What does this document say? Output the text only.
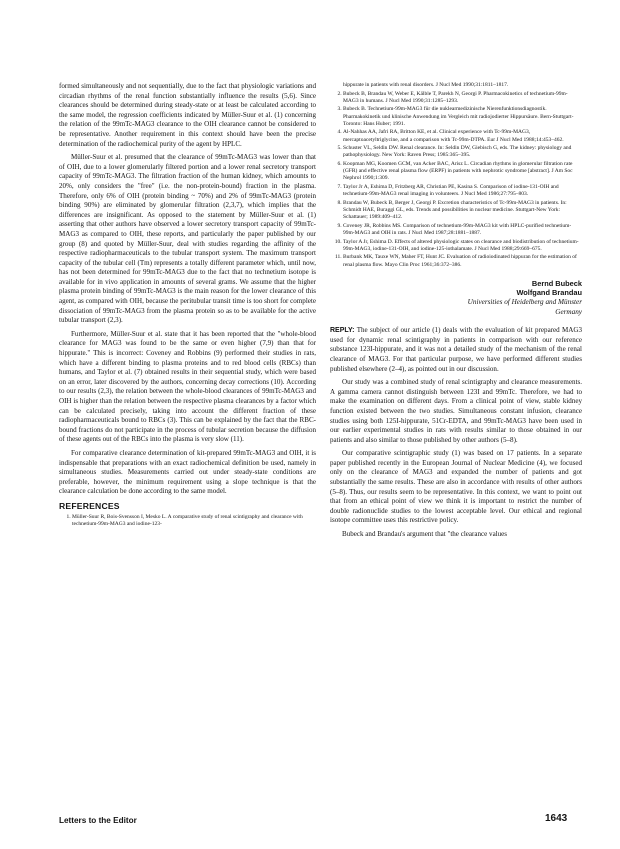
formed simultaneously and not sequentially, due to the fact that physiologic variations and circadian rhythms of the renal function substantially influence the results (5,6). Since clearances should be determined during steady-state or at least be calculated according to the same model, the regression coefficients indicated by Müller-Suur et al. (1) concerning the relation of the 99mTc-MAG3 clearance to the OIH clearance cannot be considered to be representative. Another requirement in this context should have been the precise determination of the radiochemical purity of the agent by HPLC.

Müller-Suur et al. presumed that the clearance of 99mTc-MAG3 was lower than that of OIH, due to a lower glomerularly filtered portion and a lower renal secretory transport capacity of 99mTc-MAG3. The filtration fraction of the human kidney, which amounts to 20%, only considers the "free" (i.e. the non-protein-bound) fraction in the plasma. Therefore, only 6% of OIH (protein binding ~ 70%) and 2% of 99mTc-MAG3 (protein binding 90%) are eliminated by glomerular filtration (2,3,7), which implies that the differences are insignificant. As opposed to the statement by Müller-Suur et al. (1) asserting that other authors have observed a lower secretory transport capacity of 99mTc-MAG3 as compared to OIH, these reports, and particularly the paper published by our group (8) and quoted by Müller-Suur, deal with studies regarding the affinity of the respective radiopharmaceuticals to the tubular transport system. The maximum transport capacity of the tubular cell (Tm) represents a totally different parameter which, until now, has not been determined for 99mTc-MAG3 due to the fact that no technetium isotope is available for in vivo application in amounts of several grams. We assume that the higher plasma protein binding of 99mTc-MAG3 is the main reason for the lower clearance of this agent, as compared with OIH, because the peritubular transit time is too short for complete dissociation of 99mTc-MAG3 from the plasma protein so as to be available for the active tubular transport (2,3).

Furthermore, Müller-Suur et al. state that it has been reported that the "whole-blood clearance for MAG3 was found to be the same or even higher (7,9) than that for hippurate." This is incorrect: Coveney and Robbins (9) performed their studies in rats, which have a different binding to plasma proteins and to red blood cells (RBCs) than humans, and Taylor et al. (7) obtained results in their sequential study, which were based on an error, later discovered by the authors, concerning decay corrections (10). According to our results (2,3), the relation between the whole-blood clearances of 99mTc-MAG3 and OIH is higher than the relation between the respective plasma clearances by a factor which can be calculated precisely, taking into account the different fraction of these radiopharmaceuticals bound to RBCs (3). This can be explained by the fact that the RBC-bound fractions do not participate in the process of tubular secretion because the diffusion of these agents out of the RBCs into the plasma is very slow (11).

For comparative clearance determination of kit-prepared 99mTc-MAG3 and OIH, it is indispensable that preparations with an exact radiochemical definition be used, namely in simultaneous studies. Measurements carried out under steady-state conditions are preferable, however, the minimum requirement using a slope technique is that the clearance calculation be done according to the same model.

REFERENCES
1. Müller-Suur R, Bois-Svensson I, Mesko L. A comparative study of renal scintigraphy and clearance with technetium-99m-MAG3 and iodine-123-
hippurate in patients with renal disorders. J Nucl Med 1990;31:1811–1817.
2. Bubeck B, Brandau W, Weber E, Kälble T, Parekh N, Georgi P. Pharmacokinetics of technetium-99m-MAG3 in humans. J Nucl Med 1990;31:1285–1293.
3. Bubeck B. Technetium-99m-MAG3 für die nuklearmedizinische Nierenfunktionsdiagnostik. Pharmakokinetik und klinische Anwendung im Vergleich mit radiojodierter Hippursäure. Bern-Stuttgart-Toronto: Hans Huber; 1991.
4. Al-Nahhas AA, Jafri RA, Britton KE, et al. Clinical experience with Tc-99m-MAG3, mercaptoacetyltriglycine, and a comparison with Tc-99m-DTPA. Eur J Nucl Med 1988;14:453–462.
5. Schuster VL, Seldin DW. Renal clearance. In: Seldin DW, Giebisch G, eds. The kidney: physiology and pathophysiology. New York: Raven Press; 1985:365–395.
6. Koopman MG, Koomen GCM, van Acker BAC, Arisz L. Circadian rhythms in glomerular filtration rate (GFR) and effective renal plasma flow (ERPF) in patients with nephrotic syndrome [abstract]. J Am Soc Nephrol 1990;1:309.
7. Taylor Jr A, Eshima D, Fritzberg AR, Christian PE, Kasina S. Comparison of iodine-131-OIH and technetium-99m-MAG3 renal imaging in volunteers. J Nucl Med 1986;27:795–803.
8. Brandau W, Bubeck B, Berger J, Georgi P. Excretion characteristics of Tc-99m-MAG3 in patients. In: Schmidt HAE, Buraggi GL, eds. Trends and possibilities in nuclear medicine. Stuttgart-New York: Schattauer; 1989:409–412.
9. Coveney JR, Robbins MS. Comparison of technetium-99m-MAG3 kit with HPLC-purified technetium-99m-MAG3 and OIH in rats. J Nucl Med 1987;28:1881–1887.
10. Taylor A Jr, Eshima D. Effects of altered physiologic states on clearance and biodistribution of technetium-99m-MAG3, iodine-131-OIH, and iodine-125-iothalamate. J Nucl Med 1988;29:669–675.
11. Burbank MK, Tauxe WN, Maher FT, Hunt JC. Evaluation of radioiodinated hippuran for the estimation of renal plasma flow. Mayo Clin Proc 1961;36:372–386.
Bernd Bubeck
Wolfgand Brandau
Universities of Heidelberg and Münster
Germany

REPLY: The subject of our article (1) deals with the evaluation of kit prepared MAG3 used for dynamic renal scintigraphy in patients in comparison with our reference substance 123I-hippurate, and it was not a detailed study of the mechanism of the renal clearance of MAG3. For that particular purpose, we have performed different studies published elsewhere (2–4), as pointed out in our discussion.

Our study was a combined study of renal scintigraphy and clearance measurements. A gamma camera cannot distinguish between 123I and 99mTc. Therefore, we had to make the examination on different days. From a clinical point of view, stable kidney function existed between the two studies. Simultaneous constant infusion, clearance studies using both 125I-hippurate, 51Cr-EDTA, and 99mTc-MAG3 have been used in our earlier experimental studies in rats with results similar to those obtained in our patients and also similar to those published by other authors (5–8).

Our comparative scintigraphic study (1) was based on 17 patients. In a separate paper published recently in the European Journal of Nuclear Medicine (4), we focused only on the clearance of MAG3 and expanded the number of patients and got substantially the same results. These are also in accordance with results of other authors (5–8). Thus, our results seem to be representative. In this context, we want to point out that from an ethical point of view we think it is important to restrict the number of double radionuclide studies to the lowest acceptable level. Our ethical and regional isotope committee uses this restrictive policy.

Bubeck and Brandau's argument that "the clearance values

Letters to the Editor	1643
